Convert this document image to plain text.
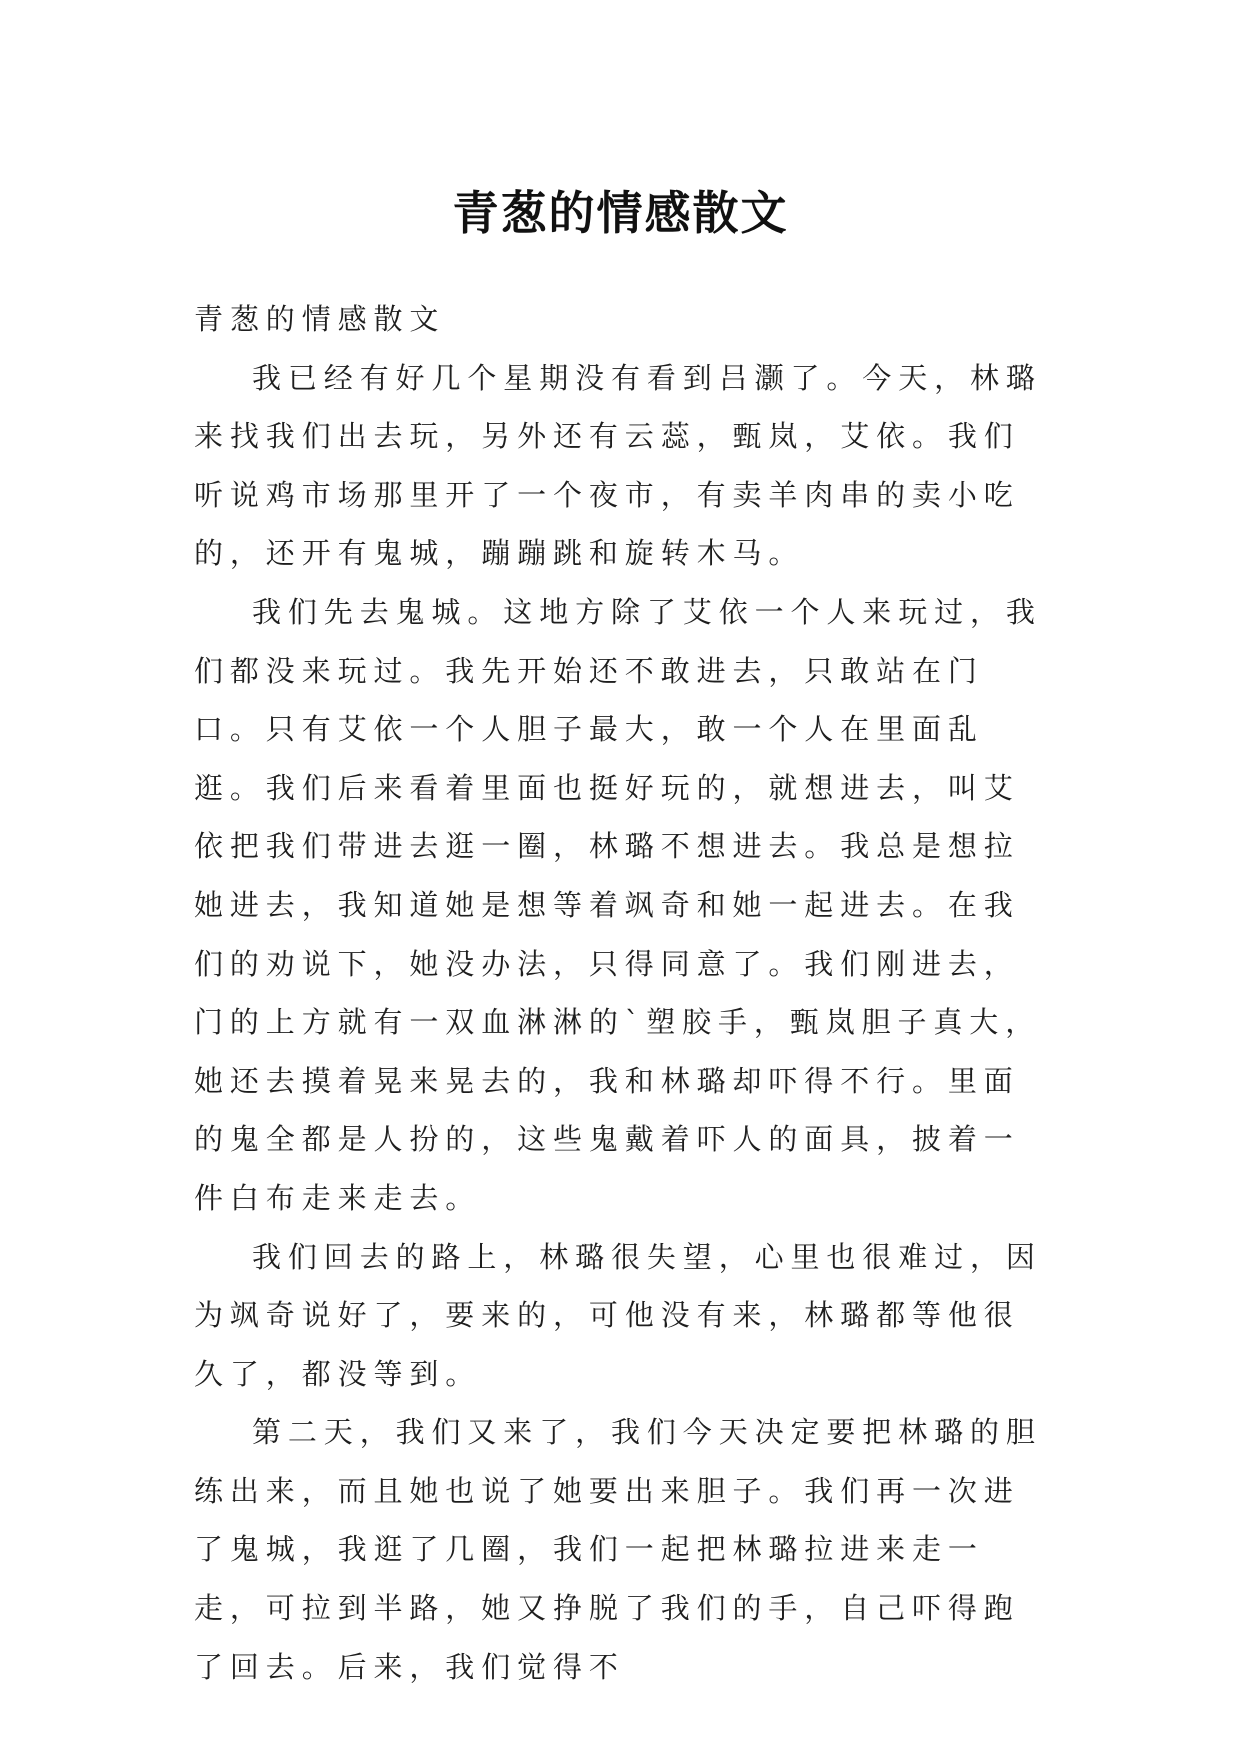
青葱的情感散文

青葱的情感散文

我已经有好几个星期没有看到吕灏了。今天，林璐来找我们出去玩，另外还有云蕊，甄岚，艾依。我们听说鸡市场那里开了一个夜市，有卖羊肉串的卖小吃的，还开有鬼城，蹦蹦跳和旋转木马。

我们先去鬼城。这地方除了艾依一个人来玩过，我们都没来玩过。我先开始还不敢进去，只敢站在门口。只有艾依一个人胆子最大，敢一个人在里面乱逛。我们后来看着里面也挺好玩的，就想进去，叫艾依把我们带进去逛一圈，林璐不想进去。我总是想拉她进去，我知道她是想等着飒奇和她一起进去。在我们的劝说下，她没办法，只得同意了。我们刚进去，门的上方就有一双血淋淋的`塑胶手，甄岚胆子真大，她还去摸着晃来晃去的，我和林璐却吓得不行。里面的鬼全都是人扮的，这些鬼戴着吓人的面具，披着一件白布走来走去。

我们回去的路上，林璐很失望，心里也很难过，因为飒奇说好了，要来的，可他没有来，林璐都等他很久了，都没等到。

第二天，我们又来了，我们今天决定要把林璐的胆练出来，而且她也说了她要出来胆子。我们再一次进了鬼城，我逛了几圈，我们一起把林璐拉进来走一走，可拉到半路，她又挣脱了我们的手，自己吓得跑了回去。后来，我们觉得不
